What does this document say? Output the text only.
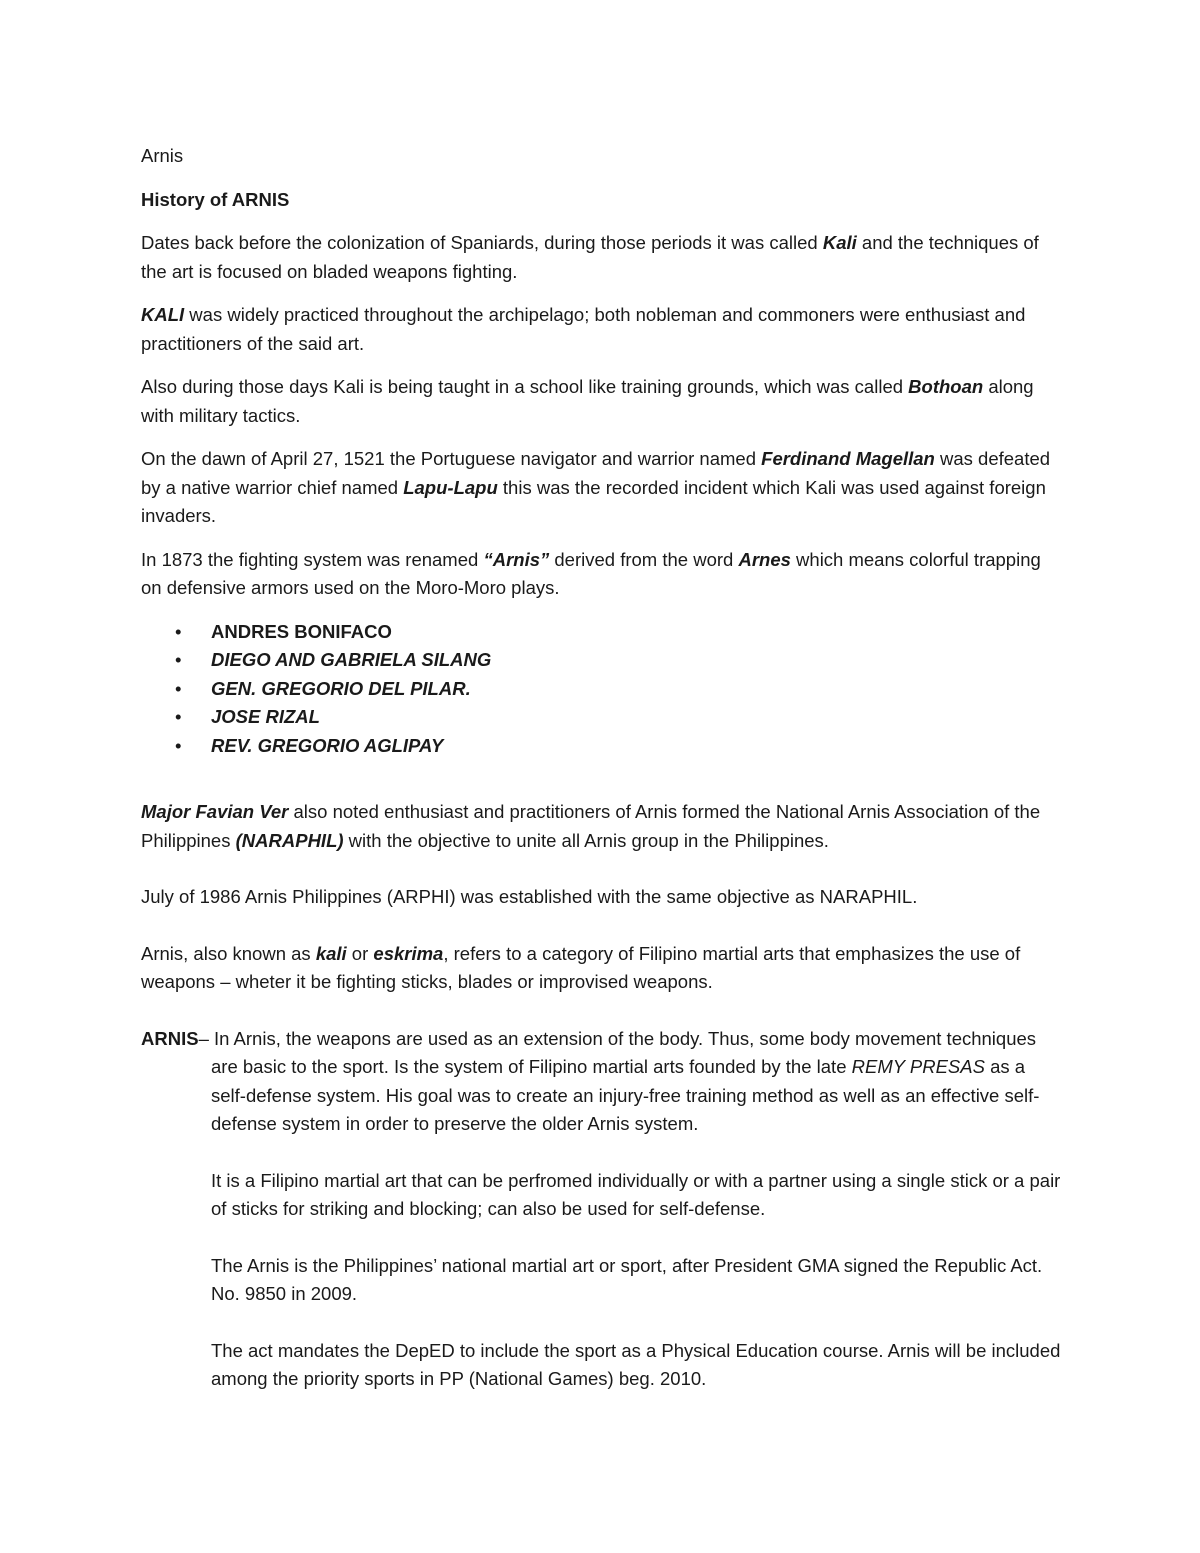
Arnis

History of ARNIS

Dates back before the colonization of Spaniards, during those periods it was called Kali and the techniques of the art is focused on bladed weapons fighting.

KALI was widely practiced throughout the archipelago; both nobleman and commoners were enthusiast and practitioners of the said art.

Also during those days Kali is being taught in a school like training grounds, which was called Bothoan along with military tactics.

On the dawn of April 27, 1521 the Portuguese navigator and warrior named Ferdinand Magellan was defeated by a native warrior chief named Lapu-Lapu this was the recorded incident which Kali was used against foreign invaders.

In 1873 the fighting system was renamed “Arnis” derived from the word Arnes which means colorful trapping on defensive armors used on the Moro-Moro plays.

• ANDRES BONIFACO
• DIEGO AND GABRIELA SILANG
• GEN. GREGORIO DEL PILAR.
• JOSE RIZAL
• REV. GREGORIO AGLIPAY

Major Favian Ver also noted enthusiast and practitioners of Arnis formed the National Arnis Association of the Philippines (NARAPHIL) with the objective to unite all Arnis group in the Philippines.

July of 1986 Arnis Philippines (ARPHI) was established with the same objective as NARAPHIL.

Arnis, also known as kali or eskrima, refers to a category of Filipino martial arts that emphasizes the use of weapons – wheter it be fighting sticks, blades or improvised weapons.

ARNIS– In Arnis, the weapons are used as an extension of the body. Thus, some body movement techniques are basic to the sport. Is the system of Filipino martial arts founded by the late REMY PRESAS as a self-defense system. His goal was to create an injury-free training method as well as an effective self-defense system in order to preserve the older Arnis system.

It is a Filipino martial art that can be perfromed individually or with a partner using a single stick or a pair of sticks for striking and blocking; can also be used for self-defense.

The Arnis is the Philippines’ national martial art or sport, after President GMA signed the Republic Act. No. 9850 in 2009.

The act mandates the DepED to include the sport as a Physical Education course. Arnis will be included among the priority sports in PP (National Games) beg. 2010.
